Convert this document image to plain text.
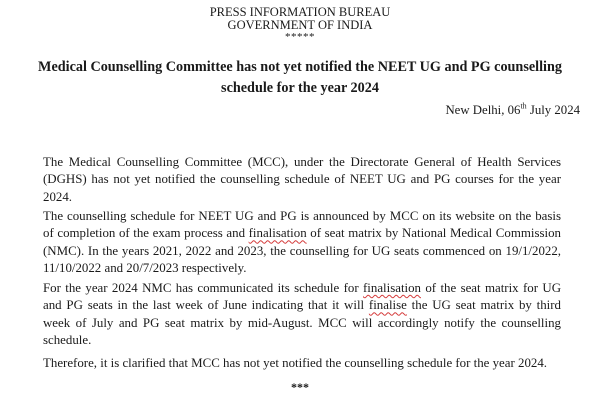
PRESS INFORMATION BUREAU
GOVERNMENT OF INDIA
*****
Medical Counselling Committee has not yet notified the NEET UG and PG counselling schedule for the year 2024
New Delhi, 06th July 2024

The Medical Counselling Committee (MCC), under the Directorate General of Health Services (DGHS) has not yet notified the counselling schedule of NEET UG and PG courses for the year 2024.

The counselling schedule for NEET UG and PG is announced by MCC on its website on the basis of completion of the exam process and finalisation of seat matrix by National Medical Commission (NMC). In the years 2021, 2022 and 2023, the counselling for UG seats commenced on 19/1/2022, 11/10/2022 and 20/7/2023 respectively.

For the year 2024 NMC has communicated its schedule for finalisation of the seat matrix for UG and PG seats in the last week of June indicating that it will finalise the UG seat matrix by third week of July and PG seat matrix by mid-August. MCC will accordingly notify the counselling schedule.

Therefore, it is clarified that MCC has not yet notified the counselling schedule for the year 2024.

***
